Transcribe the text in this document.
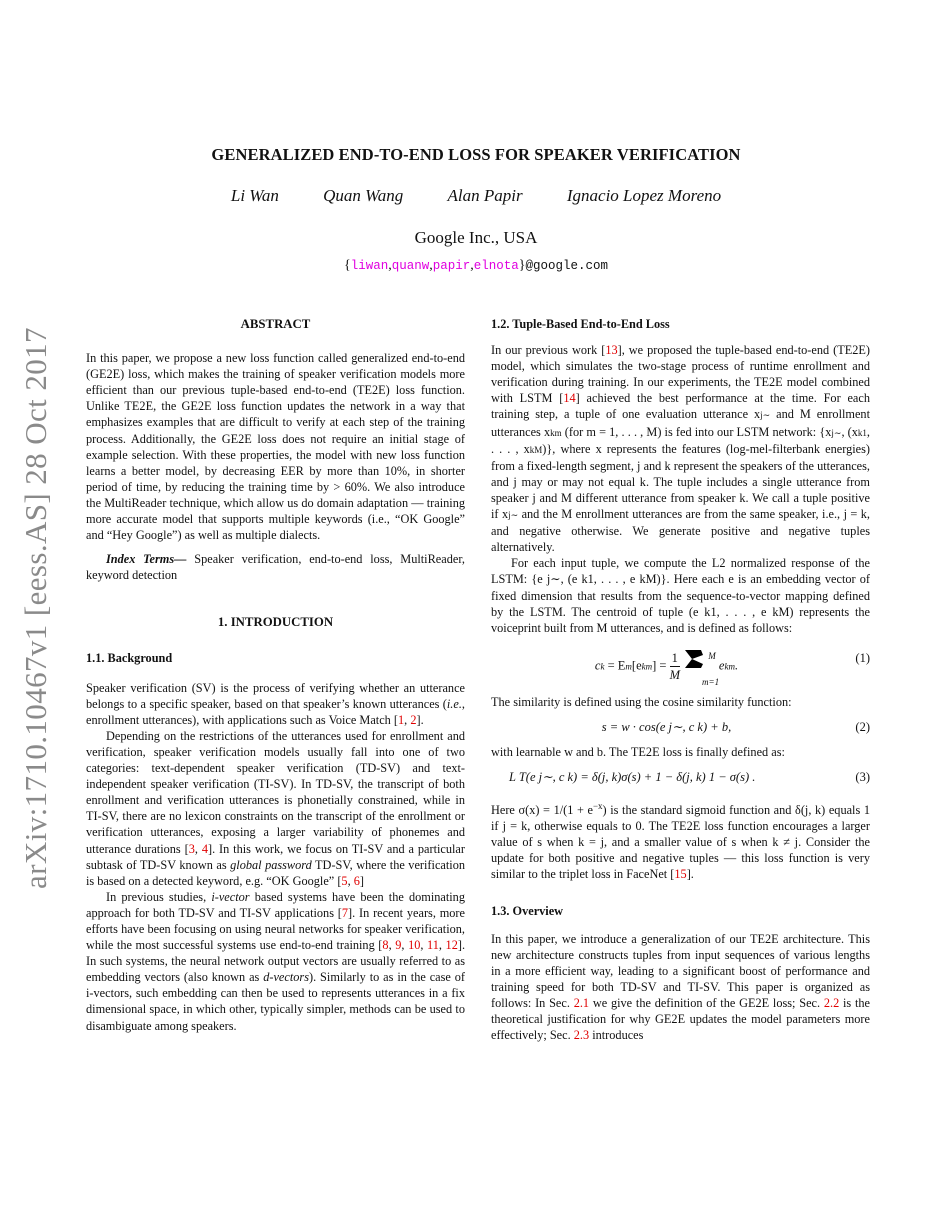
arXiv:1710.10467v1 [eess.AS] 28 Oct 2017
GENERALIZED END-TO-END LOSS FOR SPEAKER VERIFICATION
Li Wan	Quan Wang	Alan Papir	Ignacio Lopez Moreno
Google Inc., USA
{liwan,quanw,papir,elnota}@google.com
ABSTRACT

In this paper, we propose a new loss function called generalized end-to-end (GE2E) loss, which makes the training of speaker verification models more efficient than our previous tuple-based end-to-end (TE2E) loss function. Unlike TE2E, the GE2E loss function updates the network in a way that emphasizes examples that are difficult to verify at each step of the training process. Additionally, the GE2E loss does not require an initial stage of example selection. With these properties, the model with new loss function learns a better model, by decreasing EER by more than 10%, in shorter period of time, by reducing the training time by > 60%. We also introduce the MultiReader technique, which allow us do domain adaptation — training more accurate model that supports multiple keywords (i.e., “OK Google” and “Hey Google”) as well as multiple dialects.

Index Terms— Speaker verification, end-to-end loss, MultiReader, keyword detection

1. INTRODUCTION
1.1. Background

Speaker verification (SV) is the process of verifying whether an utterance belongs to a specific speaker, based on that speaker’s known utterances (i.e., enrollment utterances), with applications such as Voice Match [1, 2].

Depending on the restrictions of the utterances used for enrollment and verification, speaker verification models usually fall into one of two categories: text-dependent speaker verification (TD-SV) and text-independent speaker verification (TI-SV). In TD-SV, the transcript of both enrollment and verification utterances is phonetially constrained, while in TI-SV, there are no lexicon constraints on the transcript of the enrollment or verification utterances, exposing a larger variability of phonemes and utterance durations [3, 4]. In this work, we focus on TI-SV and a particular subtask of TD-SV known as global password TD-SV, where the verification is based on a detected keyword, e.g. “OK Google” [5, 6]

In previous studies, i-vector based systems have been the dominating approach for both TD-SV and TI-SV applications [7]. In recent years, more efforts have been focusing on using neural networks for speaker verification, while the most successful systems use end-to-end training [8, 9, 10, 11, 12]. In such systems, the neural network output vectors are usually referred to as embedding vectors (also known as d-vectors). Similarly to as in the case of i-vectors, such embedding can then be used to represents utterances in a fix dimensional space, in which other, typically simpler, methods can be used to disambiguate among speakers.

1.2. Tuple-Based End-to-End Loss

In our previous work [13], we proposed the tuple-based end-to-end (TE2E) model, which simulates the two-stage process of runtime enrollment and verification during training. In our experiments, the TE2E model combined with LSTM [14] achieved the best performance at the time. For each training step, a tuple of one evaluation utterance xj∼ and M enrollment utterances xkm (for m = 1, . . . , M) is fed into our LSTM network: {xj∼, (xk1, . . . , xkM)}, where x represents the features (log-mel-filterbank energies) from a fixed-length segment, j and k represent the speakers of the utterances, and j may or may not equal k. The tuple includes a single utterance from speaker j and M different utterance from speaker k. We call a tuple positive if xj∼ and the M enrollment utterances are from the same speaker, i.e., j = k, and negative otherwise. We generate positive and negative tuples alternatively.

For each input tuple, we compute the L2 normalized response of the LSTM: {e j∼, (e k1, . . . , e kM)}. Here each e is an embedding vector of fixed dimension that results from the sequence-to-vector mapping defined by the LSTM. The centroid of tuple (e k1, . . . , e kM) represents the voiceprint built from M utterances, and is defined as follows:

ck = $Em[ekm] = \frac{1}{M}$
	$^M$ ekm.
m=1
(1)

The similarity is defined using the cosine similarity function:

s = w · cos(e j∼, c k) + b,	(2)

with learnable w and b. The TE2E loss is finally defined as:

L T(e j∼, c k) = δ(j, k)σ(s) + 1 − δ(j, k) 1 − σ(s) .	(3)

Here $\sigma(x) = 1/(1 + e^{-x})$ is the standard sigmoid function and δ(j, k) equals 1 if j = k, otherwise equals to 0. The TE2E loss function encourages a larger value of s when k = j, and a smaller value of s when k ≠ j. Consider the update for both positive and negative tuples — this loss function is very similar to the triplet loss in FaceNet [15].

1.3. Overview

In this paper, we introduce a generalization of our TE2E architecture. This new architecture constructs tuples from input sequences of various lengths in a more efficient way, leading to a significant boost of performance and training speed for both TD-SV and TI-SV. This paper is organized as follows: In Sec. 2.1 we give the definition of the GE2E loss; Sec. 2.2 is the theoretical justification for why GE2E updates the model parameters more effectively; Sec. 2.3 introduces
